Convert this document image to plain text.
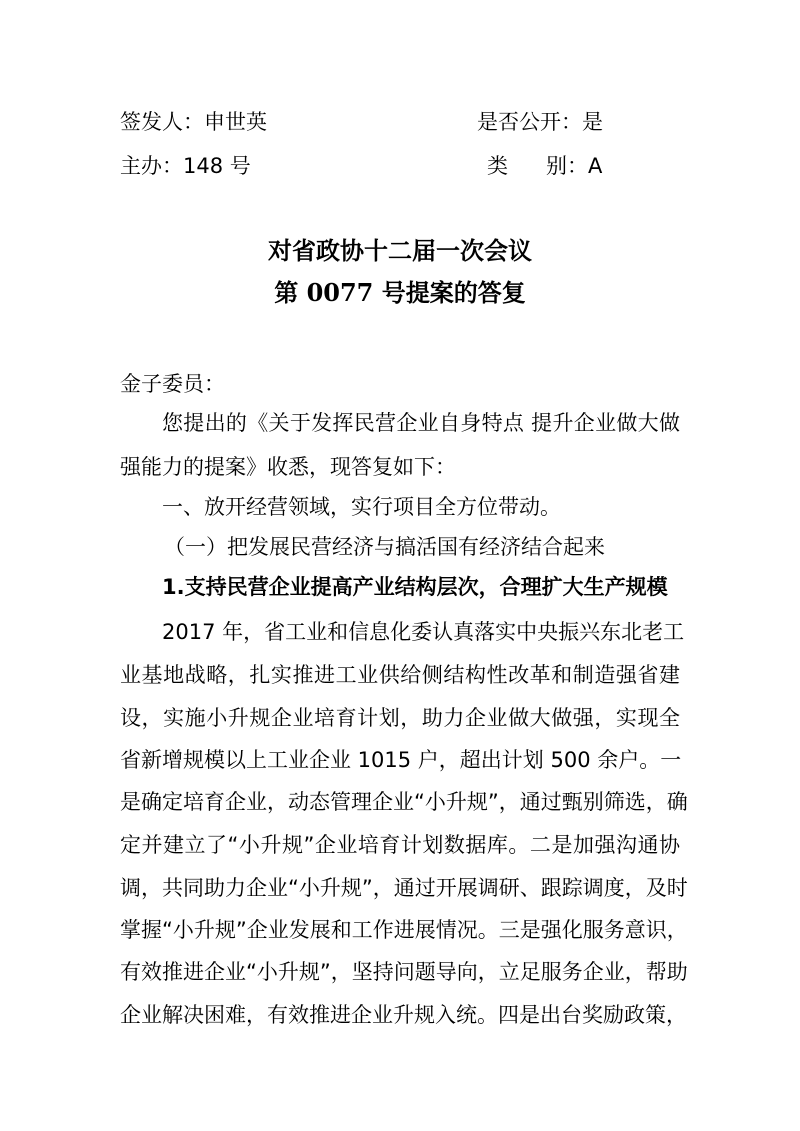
签发人：申世英	是否公开：是
主办：148 号	类 别：A
对省政协十二届一次会议
第 0077 号提案的答复
金子委员：
您提出的《关于发挥民营企业自身特点 提升企业做大做
强能力的提案》收悉，现答复如下：
一、放开经营领域，实行项目全方位带动。
（一）把发展民营经济与搞活国有经济结合起来
1.支持民营企业提高产业结构层次，合理扩大生产规模
2017 年，省工业和信息化委认真落实中央振兴东北老工
业基地战略，扎实推进工业供给侧结构性改革和制造强省建
设，实施小升规企业培育计划，助力企业做大做强，实现全
省新增规模以上工业企业 1015 户，超出计划 500 余户。一
是确定培育企业，动态管理企业“小升规”，通过甄别筛选，确
定并建立了“小升规”企业培育计划数据库。二是加强沟通协
调，共同助力企业“小升规”，通过开展调研、跟踪调度，及时
掌握“小升规”企业发展和工作进展情况。三是强化服务意识，
有效推进企业“小升规”，坚持问题导向，立足服务企业，帮助
企业解决困难，有效推进企业升规入统。四是出台奖励政策，
